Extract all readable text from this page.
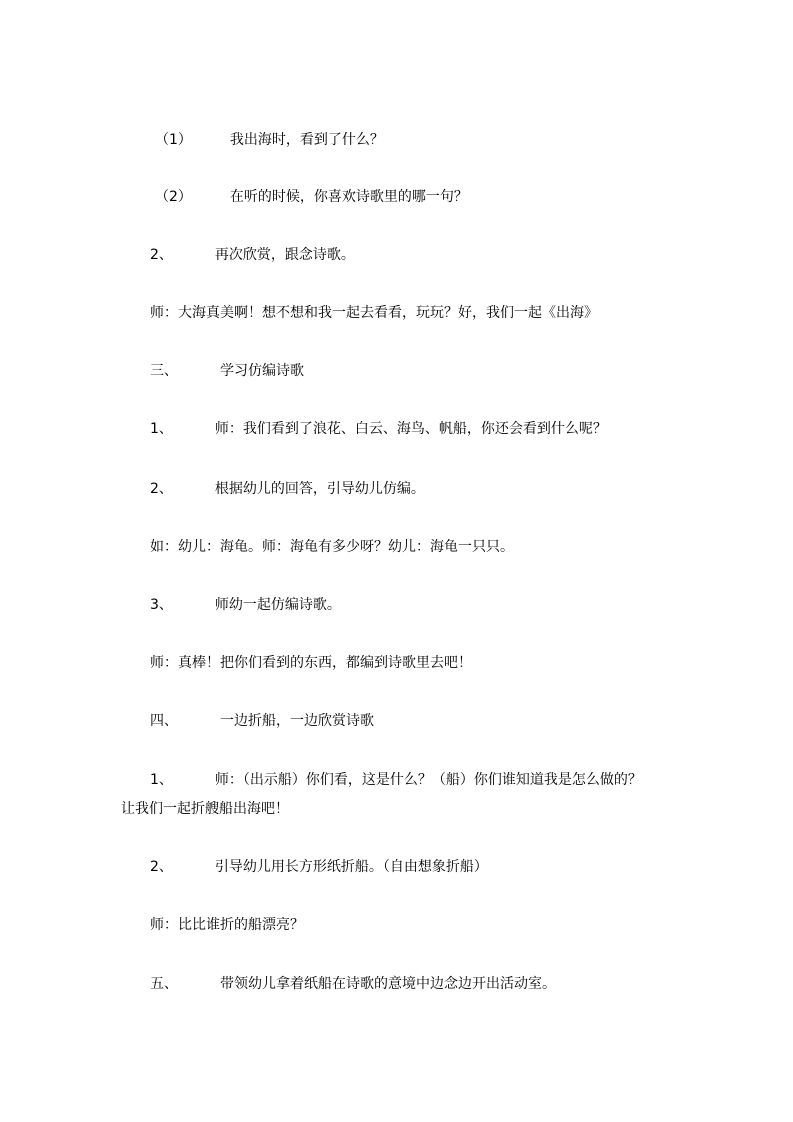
（1）	我出海时，看到了什么？
（2）	在听的时候，你喜欢诗歌里的哪一句？
2、	再次欣赏，跟念诗歌。
师：大海真美啊！想不想和我一起去看看，玩玩？好，我们一起《出海》
三、	学习仿编诗歌
1、	师：我们看到了浪花、白云、海鸟、帆船，你还会看到什么呢？
2、	根据幼儿的回答，引导幼儿仿编。
如：幼儿：海龟。师：海龟有多少呀？幼儿：海龟一只只。
3、	师幼一起仿编诗歌。
师：真棒！把你们看到的东西，都编到诗歌里去吧！
四、	一边折船，一边欣赏诗歌
1、	师：（出示船）你们看，这是什么？（船）你们谁知道我是怎么做的？
让我们一起折艘船出海吧！
2、	引导幼儿用长方形纸折船。（自由想象折船）
师：比比谁折的船漂亮？
五、	带领幼儿拿着纸船在诗歌的意境中边念边开出活动室。
